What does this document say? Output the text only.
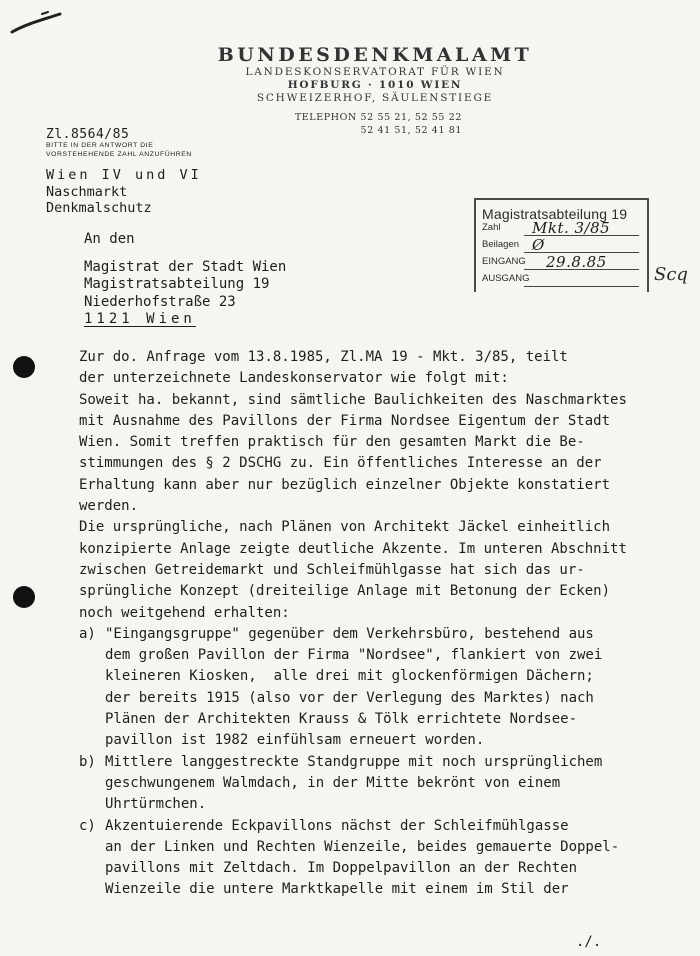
BUNDESDENKMALAMT
LANDESKONSERVATORAT FÜR WIEN
HOFBURG · 1010 WIEN
SCHWEIZERHOF, SÄULENSTIEGE
TELEPHON 52 55 21, 52 55 22
52 41 51, 52 41 81
Zl.8564/85
BITTE IN DER ANTWORT DIE
VORSTEHEHENDE ZAHL ANZUFÜHREN
Wien IV und VI
Naschmarkt
Denkmalschutz	Magistratsabteilung 19
Zahl Mkt. 3/85
Beilagen Ø
EINGANG 29.8.85
AUSGANG	Scq
An den
Magistrat der Stadt Wien
Magistratsabteilung 19
Niederhofstraße 23
1121 Wien

Zur do. Anfrage vom 13.8.1985, Zl.MA 19 - Mkt. 3/85, teilt

der unterzeichnete Landeskonservator wie folgt mit:

Soweit ha. bekannt, sind sämtliche Baulichkeiten des Naschmarktes

mit Ausnahme des Pavillons der Firma Nordsee Eigentum der Stadt

Wien. Somit treffen praktisch für den gesamten Markt die Be-

stimmungen des § 2 DSCHG zu. Ein öffentliches Interesse an der

Erhaltung kann aber nur bezüglich einzelner Objekte konstatiert

werden.

Die ursprüngliche, nach Plänen von Architekt Jäckel einheitlich

konzipierte Anlage zeigte deutliche Akzente. Im unteren Abschnitt

zwischen Getreidemarkt und Schleifmühlgasse hat sich das ur-

sprüngliche Konzept (dreiteilige Anlage mit Betonung der Ecken)

noch weitgehend erhalten:

a) "Eingangsgruppe" gegenüber dem Verkehrsbüro, bestehend aus

dem großen Pavillon der Firma "Nordsee", flankiert von zwei

kleineren Kiosken,  alle drei mit glockenförmigen Dächern;

der bereits 1915 (also vor der Verlegung des Marktes) nach

Plänen der Architekten Krauss & Tölk errichtete Nordsee-

pavillon ist 1982 einfühlsam erneuert worden.

b) Mittlere langgestreckte Standgruppe mit noch ursprünglichem

geschwungenem Walmdach, in der Mitte bekrönt von einem

Uhrtürmchen.

c) Akzentuierende Eckpavillons nächst der Schleifmühlgasse

an der Linken und Rechten Wienzeile, beides gemauerte Doppel-

pavillons mit Zeltdach. Im Doppelpavillon an der Rechten

Wienzeile die untere Marktkapelle mit einem im Stil der

./.
